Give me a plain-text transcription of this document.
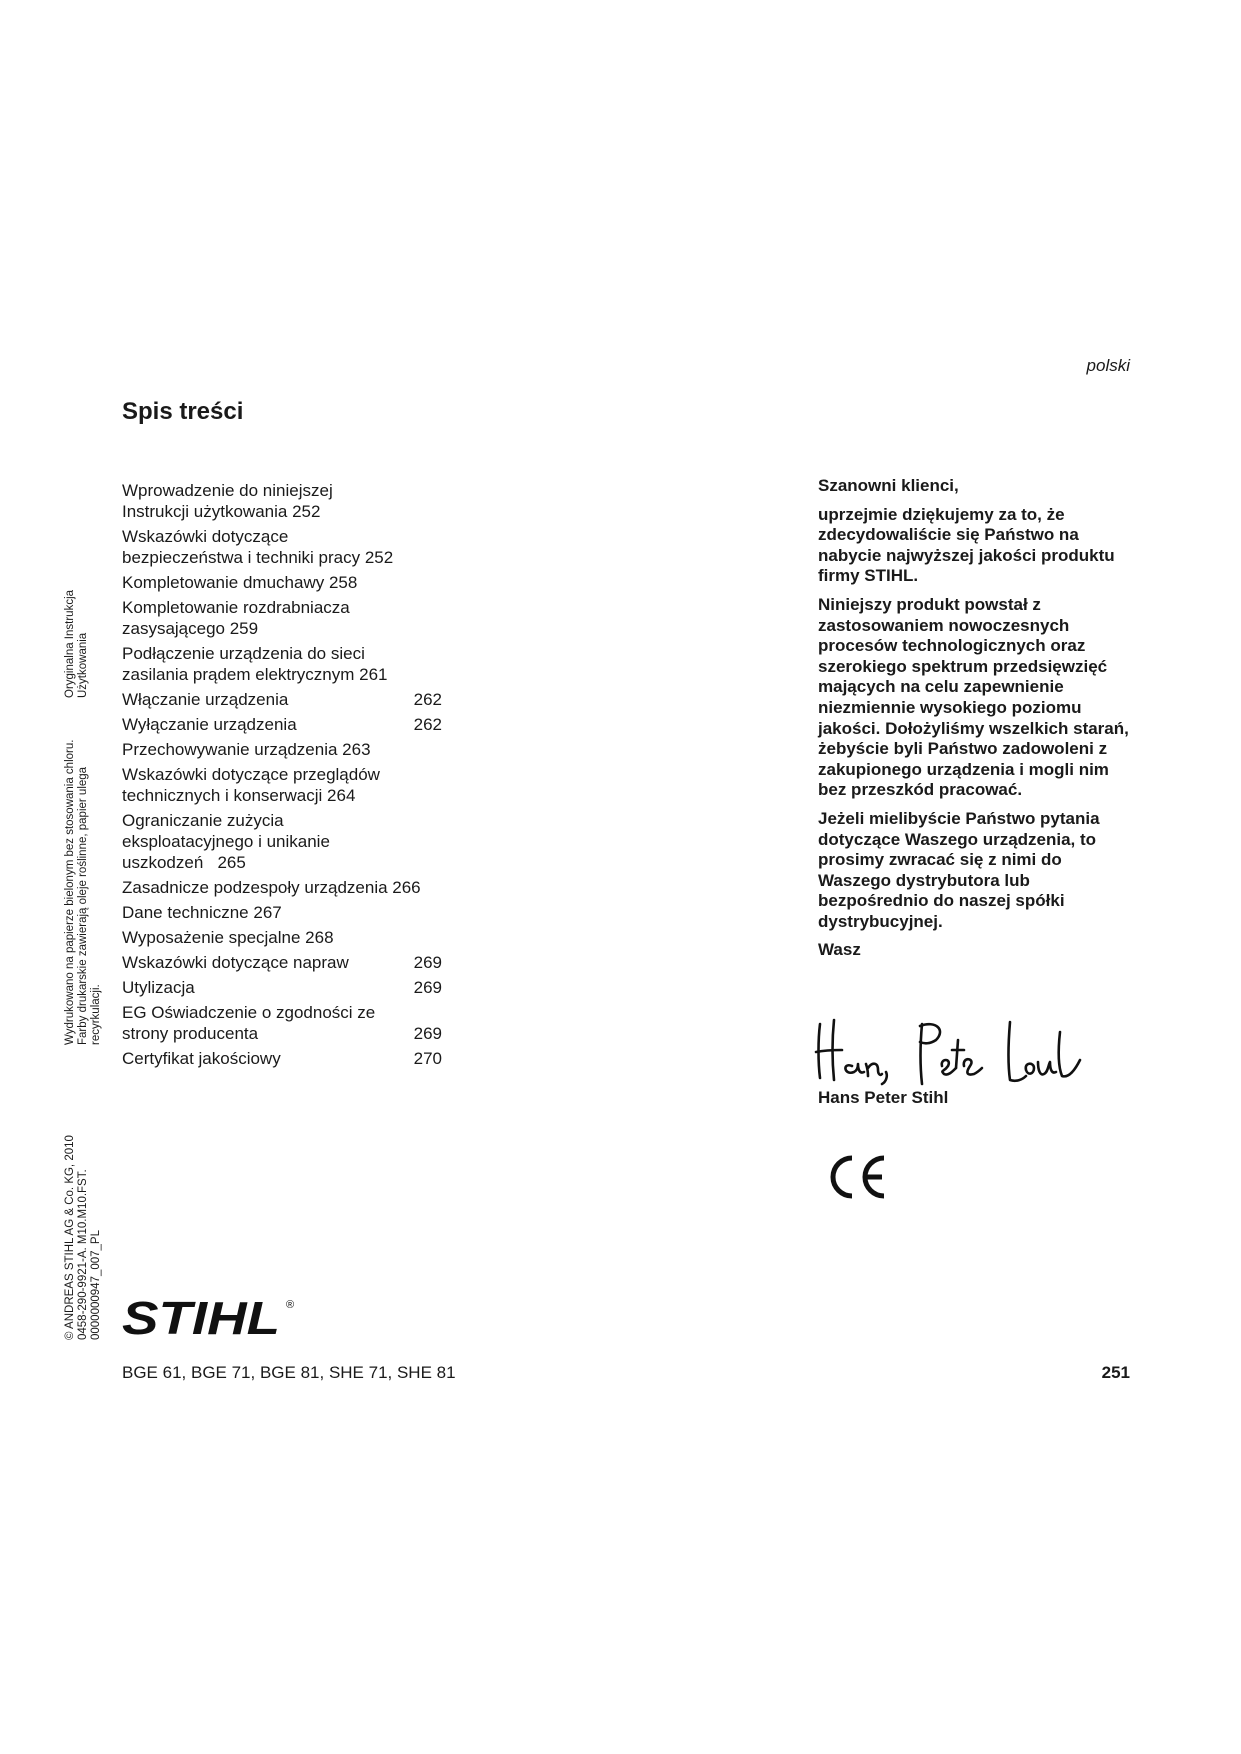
polski
Spis treści
Wprowadzenie do niniejszej
Instrukcji użytkowania 252
Wskazówki dotyczące
bezpieczeństwa i techniki pracy 252
Kompletowanie dmuchawy 258
Kompletowanie rozdrabniacza
zasysającego 259
Podłączenie urządzenia do sieci
zasilania prądem elektrycznym 261
Włączanie urządzenia	262
Wyłączanie urządzenia	262
Przechowywanie urządzenia 263
Wskazówki dotyczące przeglądów
technicznych i konserwacji 264
Ograniczanie zużycia
eksploatacyjnego i unikanie
uszkodzeń   265
Zasadnicze podzespoły urządzenia 266
Dane techniczne 267
Wyposażenie specjalne 268
Wskazówki dotyczące napraw	269
Utylizacja	269
EG Oświadczenie o zgodności ze
strony producenta	269
Certyfikat jakościowy	270
Oryginalna Instrukcja Użytkowania
Wydrukowano na papierze bielonym bez stosowania chloru. Farby drukarskie zawierają oleje roślinne, papier ulega recyrkulacji.
© ANDREAS STIHL AG & Co. KG, 2010 0458-290-9921-A. M10.M10.FST. 0000000947_007_PL

Szanowni klienci,

uprzejmie dziękujemy za to, że zdecydowaliście się Państwo na nabycie najwyższej jakości produktu firmy STIHL.

Niniejszy produkt powstał z zastosowaniem nowoczesnych procesów technologicznych oraz szerokiego spektrum przedsięwzięć mających na celu zapewnienie niezmiennie wysokiego poziomu jakości. Dołożyliśmy wszelkich starań, żebyście byli Państwo zadowoleni z zakupionego urządzenia i mogli nim bez przeszkód pracować.

Jeżeli mielibyście Państwo pytania dotyczące Waszego urządzenia, to prosimy zwracać się z nimi do Waszego dystrybutora lub bezpośrednio do naszej spółki dystrybucyjnej.

Wasz

Hans Peter Stihl
STIHL ®
BGE 61, BGE 71, BGE 81, SHE 71, SHE 81	251
